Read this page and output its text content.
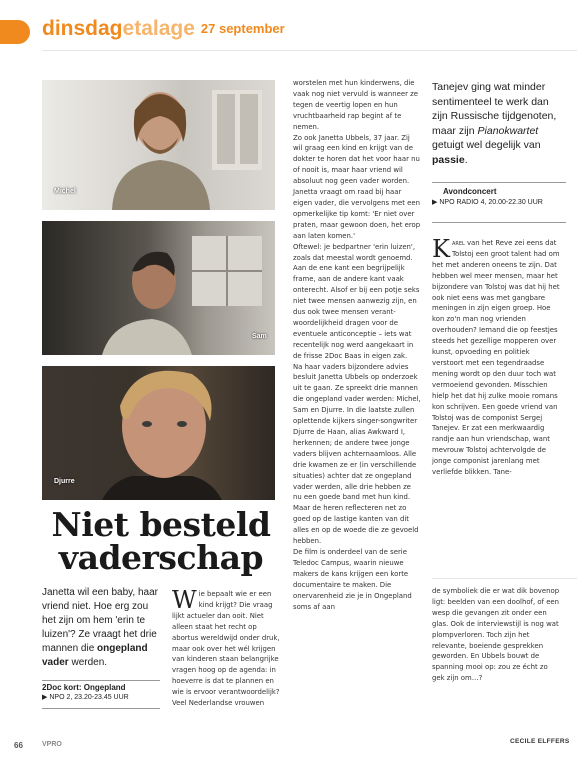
dinsdagetalage 27 september
Michel
Sam
Djurre
Niet besteld vaderschap
Janetta wil een baby, haar vriend niet. Hoe erg zou het zijn om hem 'erin te luizen'? Ze vraagt het drie mannen die ongepland vader werden.
2Doc kort: Ongepland
▶ NPO 2, 23.20-23.45 UUR
Wie bepaalt wie er een kind krijgt? Die vraag lijkt actueler dan ooit. Niet alleen staat het recht op abortus wereldwijd onder druk, maar ook over het wél krijgen van kinderen staan belangrijke vragen hoog op de agenda: in hoeverre is dat te plannen en wie is ervoor verantwoordelijk? Veel Nederlandse vrouwen

worstelen met hun kinderwens, die vaak nog niet vervuld is wanneer ze tegen de veertig lopen en hun vruchtbaarheid rap begint af te nemen.

Zo ook Janetta Ubbels, 37 jaar. Zij wil graag een kind en krijgt van de dokter te horen dat het voor haar nu of nooit is, maar haar vriend wil absoluut nog geen vader worden. Janetta vraagt om raad bij haar eigen vader, die vervolgens met een opmerkelijke tip komt: 'Er niet over praten, maar gewoon doen, het erop aan laten komen.'

Oftewel: je bedpartner 'erin luizen', zoals dat meestal wordt genoemd. Aan de ene kant een begrijpelijk frame, aan de andere kant vaak onterecht. Alsof er bij een potje seks niet twee mensen aanwezig zijn, en dus ook twee mensen verantwoordelijkheid dragen voor de eventuele anticonceptie – iets wat recentelijk nog werd aangekaart in de frisse 2Doc Baas in eigen zak.

Na haar vaders bijzondere advies besluit Janetta Ubbels op onderzoek uit te gaan. Ze spreekt drie mannen die ongepland vader werden: Michel, Sam en Djurre. In die laatste zullen oplettende kijkers singer-songwriter Djurre de Haan, alias Awkward I, herkennen; de andere twee jonge vaders blijven achternaamloos. Alle drie kwamen ze er (in verschillende situaties) achter dat ze ongepland vader werden, alle drie hebben ze nu een goede band met hun kind. Maar de heren reflecteren net zo goed op de lastige kanten van dit alles en op de woede die ze gevoeld hebben.

De film is onderdeel van de serie Teledoc Campus, waarin nieuwe makers de kans krijgen een korte documentaire te maken. Die onervarenheid zie je in Ongepland soms af aan

Tanejev ging wat minder sentimenteel te werk dan zijn Russische tijdgenoten, maar zijn Pianokwartet getuigt wel degelijk van passie.
Avondconcert
▶ NPO RADIO 4, 20.00-22.30 UUR
Karel van het Reve zei eens dat Tolstoj een groot talent had om het met anderen oneens te zijn. Dat hebben wel meer mensen, maar het bijzondere van Tolstoj was dat hij het ook niet eens was met gangbare meningen in zijn eigen groep. Hoe kon zo'n man nog vrienden overhouden? Iemand die op feestjes steeds het gezellige mopperen over kunst, opvoeding en politiek verstoort met een tegendraadse mening wordt op den duur toch wat vermoeiend gevonden. Misschien hielp het dat hij zulke mooie romans kon schrijven. Een goede vriend van Tolstoj was de componist Sergej Tanejev. Er zat een merkwaardig randje aan hun vriendschap, want mevrouw Tolstoj achtervolgde de jonge componist jarenlang met verliefde blikken. Tane-
de symboliek die er wat dik bovenop ligt: beelden van een doolhof, of een wesp die gevangen zit onder een glas. Ook de interviewstijl is nog wat plompverloren. Toch zijn het relevante, boeiende gesprekken geworden. En Ubbels bouwt de spanning mooi op: zou ze écht zo gek zijn om…?
CECILE ELFFERS
66	VPRO
